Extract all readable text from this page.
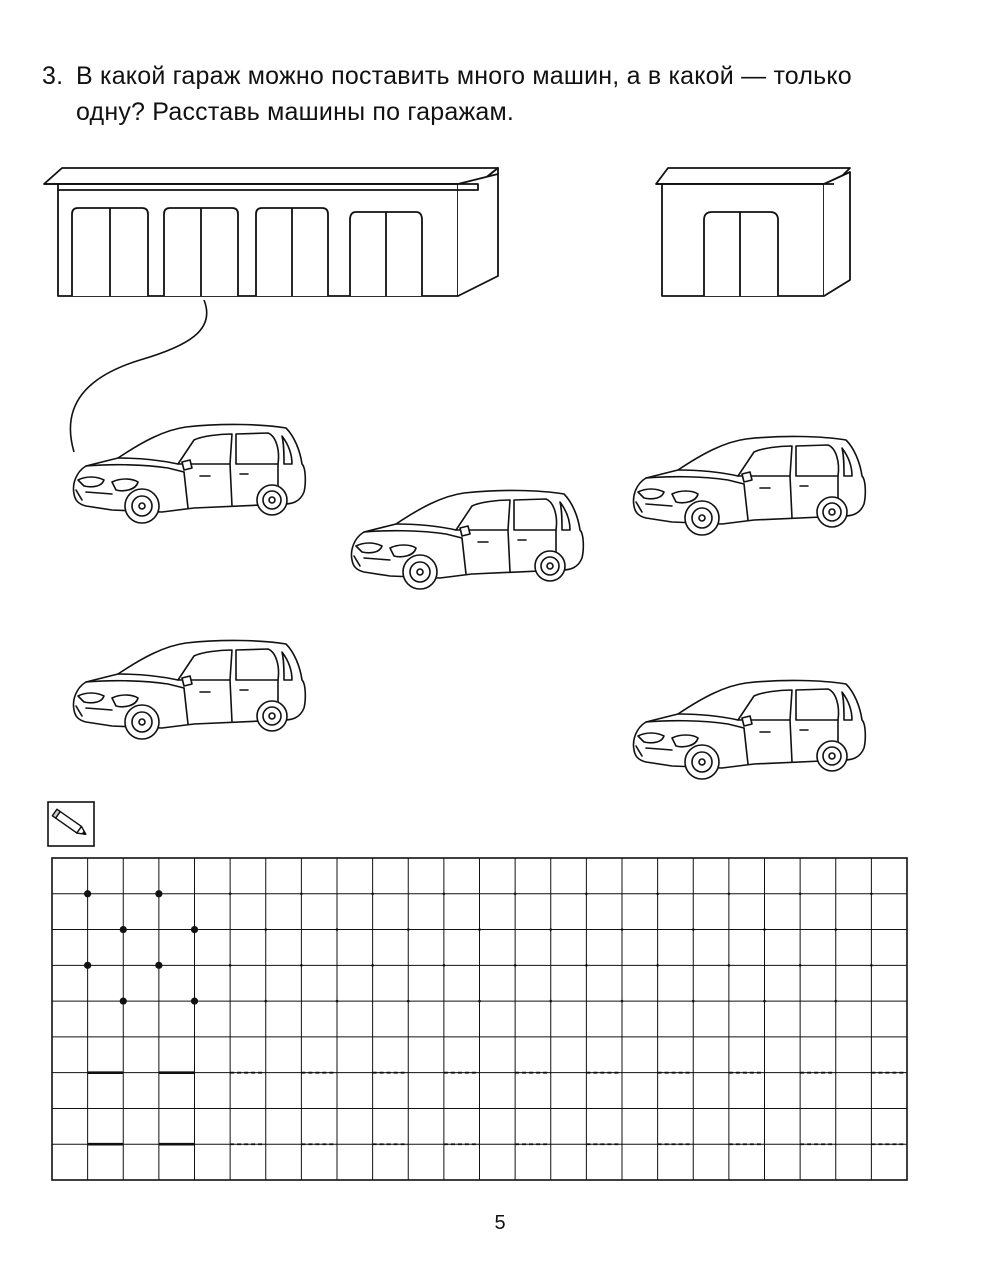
3. В какой гараж можно поставить много машин, а в какой — только
одну? Расставь машины по гаражам.
5
